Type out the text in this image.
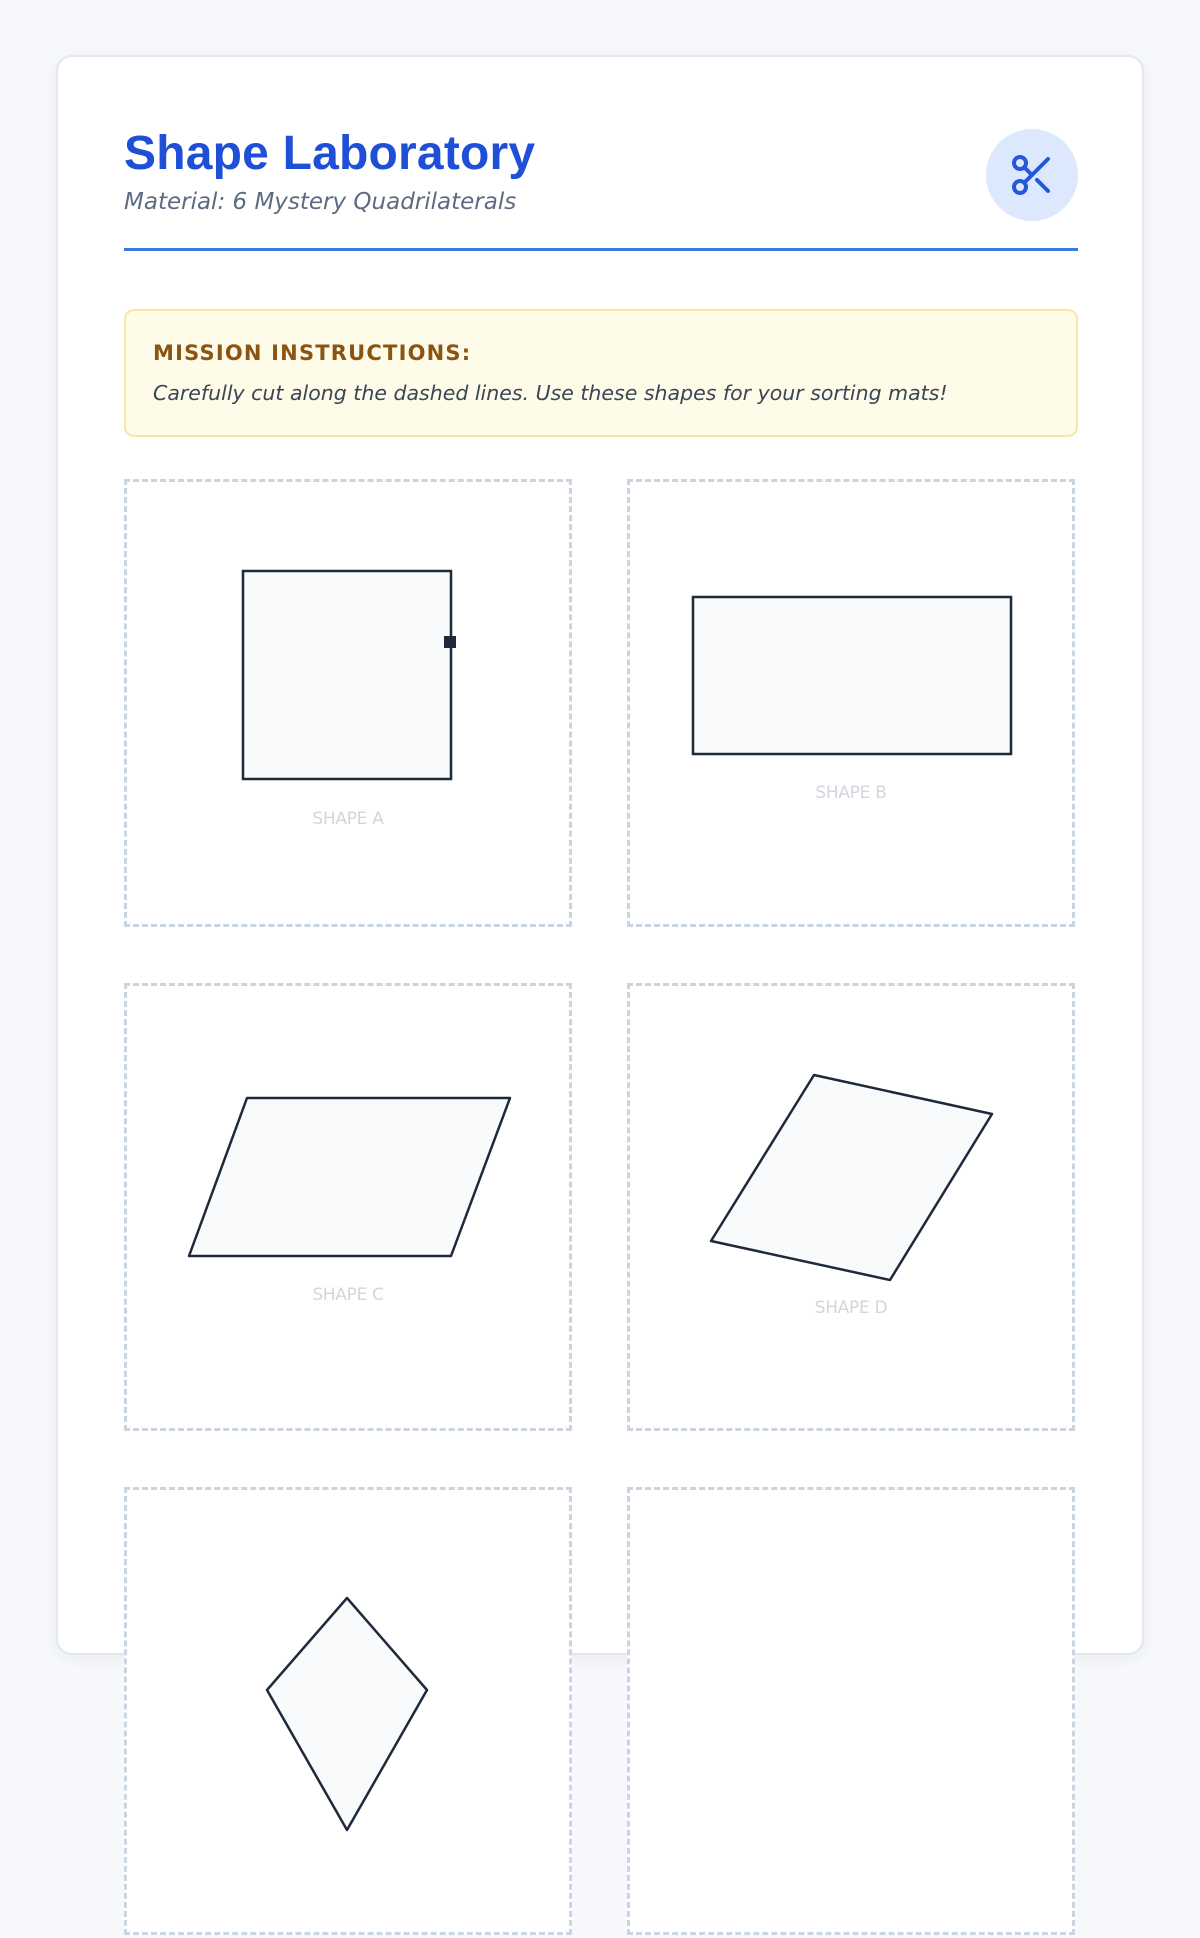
Shape Laboratory
Material: 6 Mystery Quadrilaterals
MISSION INSTRUCTIONS:
Carefully cut along the dashed lines. Use these shapes for your sorting mats!
SHAPE A
SHAPE B
SHAPE C
SHAPE D
